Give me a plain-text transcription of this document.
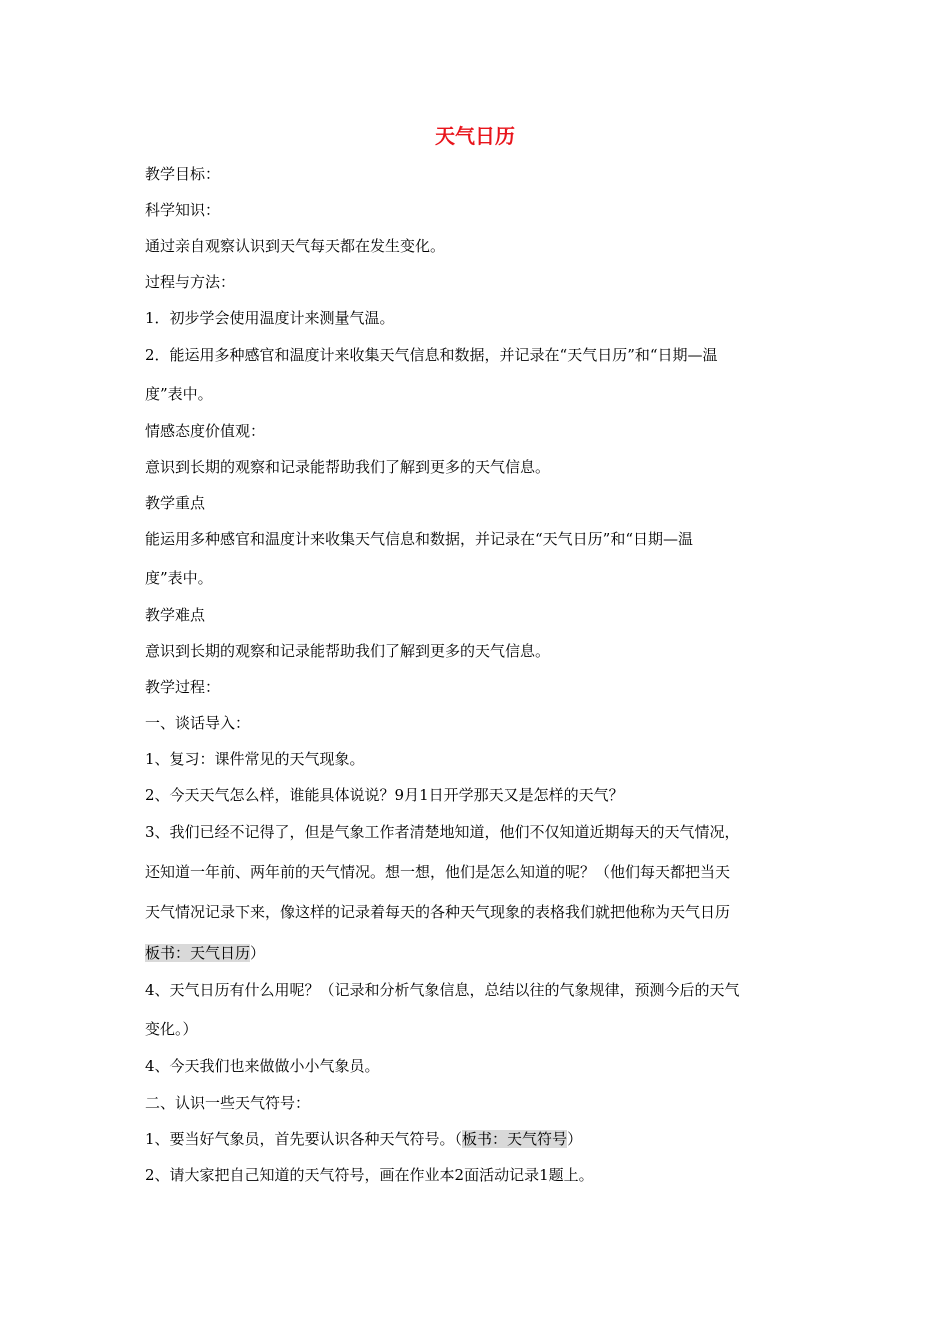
天气日历
教学目标：
科学知识：
通过亲自观察认识到天气每天都在发生变化。
过程与方法：
1．初步学会使用温度计来测量气温。
2．能运用多种感官和温度计来收集天气信息和数据，并记录在“天气日历”和“日期—温
度”表中。
情感态度价值观：
意识到长期的观察和记录能帮助我们了解到更多的天气信息。
教学重点
能运用多种感官和温度计来收集天气信息和数据，并记录在“天气日历”和“日期—温
度”表中。
教学难点
意识到长期的观察和记录能帮助我们了解到更多的天气信息。
教学过程：
一、谈话导入：
1、复习：课件常见的天气现象。
2、今天天气怎么样，谁能具体说说？9月1日开学那天又是怎样的天气？
3、我们已经不记得了，但是气象工作者清楚地知道，他们不仅知道近期每天的天气情况，
还知道一年前、两年前的天气情况。想一想，他们是怎么知道的呢？（他们每天都把当天
天气情况记录下来，像这样的记录着每天的各种天气现象的表格我们就把他称为天气日历
板书：天气日历）
4、天气日历有什么用呢？（记录和分析气象信息，总结以往的气象规律，预测今后的天气
变化。）
4、今天我们也来做做小小气象员。
二、认识一些天气符号：
1、要当好气象员，首先要认识各种天气符号。（板书：天气符号）
2、请大家把自己知道的天气符号，画在作业本2面活动记录1题上。
